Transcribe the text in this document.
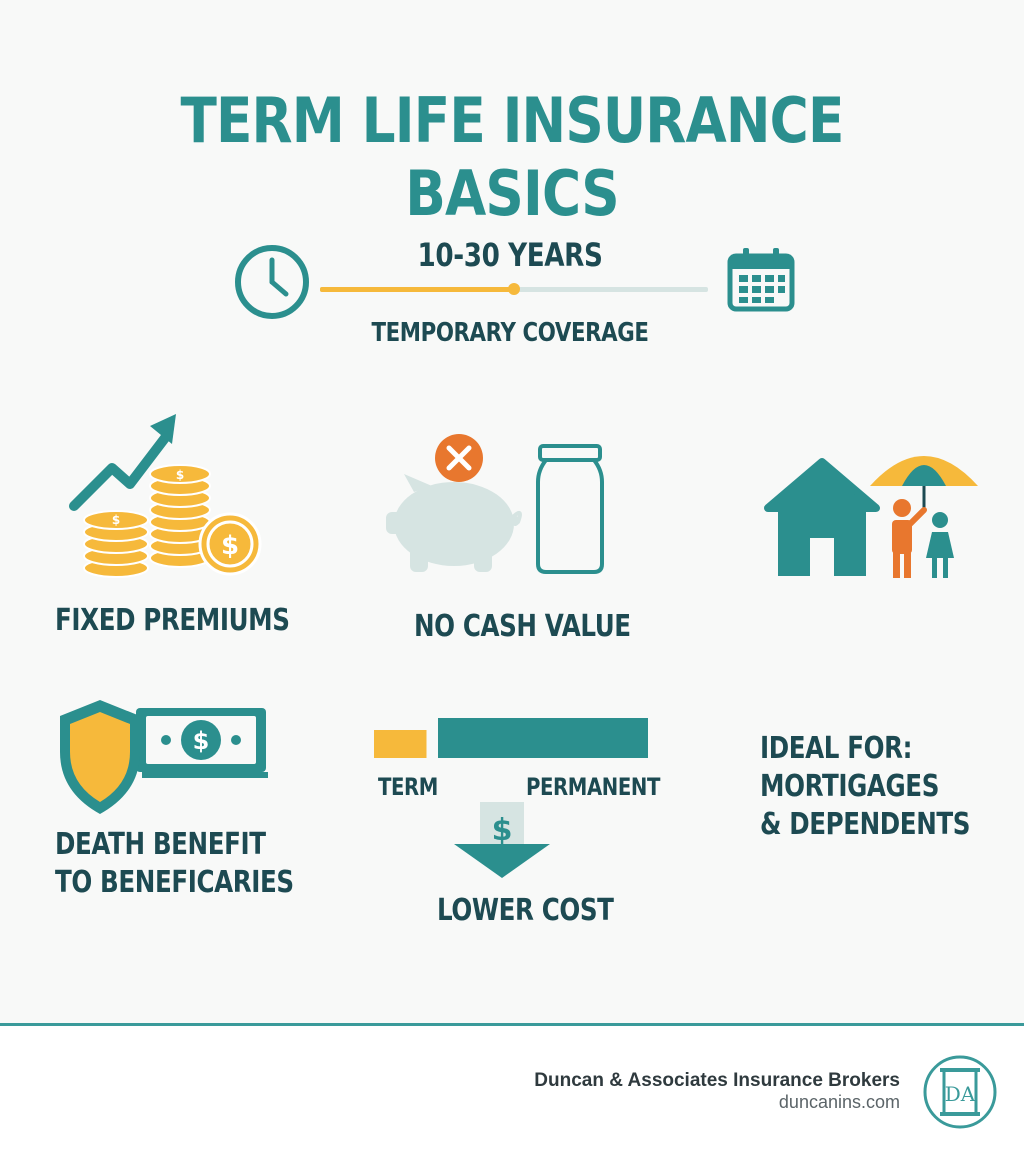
TERM LIFE INSURANCE BASICS
10-30 YEARS
TEMPORARY COVERAGE
$
$
$
FIXED PREMIUMS	NO CASH VALUE
$
DEATH BENEFIT
TO BENEFICARIES
TERM	PERMANENT
$
LOWER COST
IDEAL FOR:
MORTIGAGES
& DEPENDENTS
Duncan & Associates Insurance Brokers
duncanins.com DA
